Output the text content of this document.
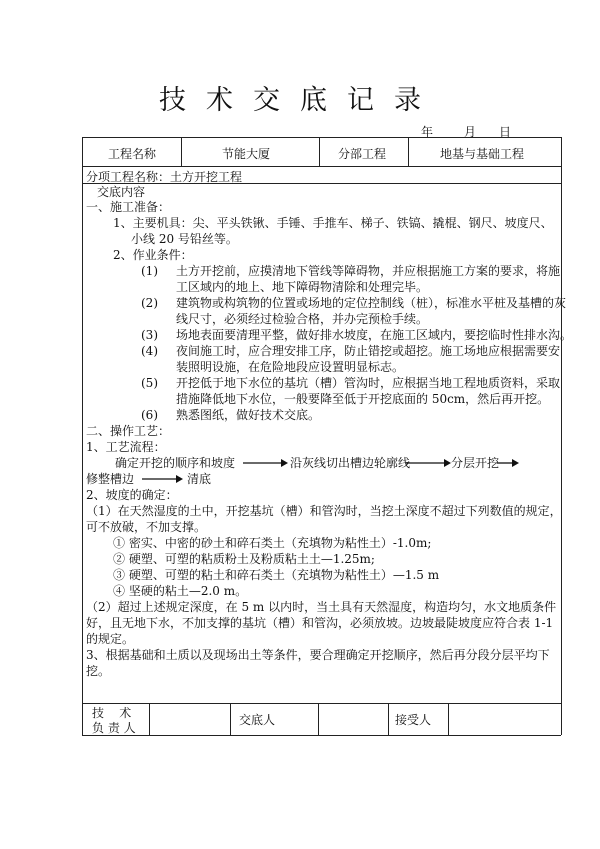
技术交底记录
年	月 日
工程名称	节能大厦	分部工程	地基与基础工程
分项工程名称：土方开挖工程
交底内容
一、施工准备：
1、主要机具：尖、平头铁锹、手锤、手推车、梯子、铁镐、撬棍、钢尺、坡度尺、
小线 20 号铅丝等。
2、作业条件：
(1) 土方开挖前，应摸清地下管线等障碍物，并应根据施工方案的要求，将施
工区域内的地上、地下障碍物清除和处理完毕。
(2) 建筑物或构筑物的位置或场地的定位控制线（桩），标准水平桩及基槽的灰
线尺寸，必须经过检验合格，并办完预检手续。
(3) 场地表面要清理平整，做好排水坡度，在施工区域内，要挖临时性排水沟。
(4) 夜间施工时，应合理安排工序，防止错挖或超挖。施工场地应根据需要安
装照明设施，在危险地段应设置明显标志。
(5) 开挖低于地下水位的基坑（槽）管沟时，应根据当地工程地质资料，采取
措施降低地下水位，一般要降至低于开挖底面的 50cm，然后再开挖。
(6) 熟悉图纸，做好技术交底。
二、操作工艺：
1、工艺流程：
确定开挖的顺序和坡度	沿灰线切出槽边轮廓线	分层开挖
修整槽边	清底
2、坡度的确定：
（1）在天然湿度的土中，开挖基坑（槽）和管沟时，当挖土深度不超过下列数值的规定，
可不放破，不加支撑。
① 密实、中密的砂土和碎石类土（充填物为粘性土）-1.0m;
② 硬塑、可塑的粘质粉土及粉质粘土土—1.25m;
③ 硬塑、可塑的粘土和碎石类土（充填物为粘性土）—1.5 m
④ 坚硬的粘土—2.0 m。
（2）超过上述规定深度，在 5 m 以内时，当土具有天然湿度，构造均匀，水文地质条件
好，且无地下水，不加支撑的基坑（槽）和管沟，必须放坡。边坡最陡坡度应符合表 1-1
的规定。
3、根据基础和土质以及现场出土等条件，要合理确定开挖顺序，然后再分段分层平均下
挖。
技    术
负 责 人
交底人	接受人
